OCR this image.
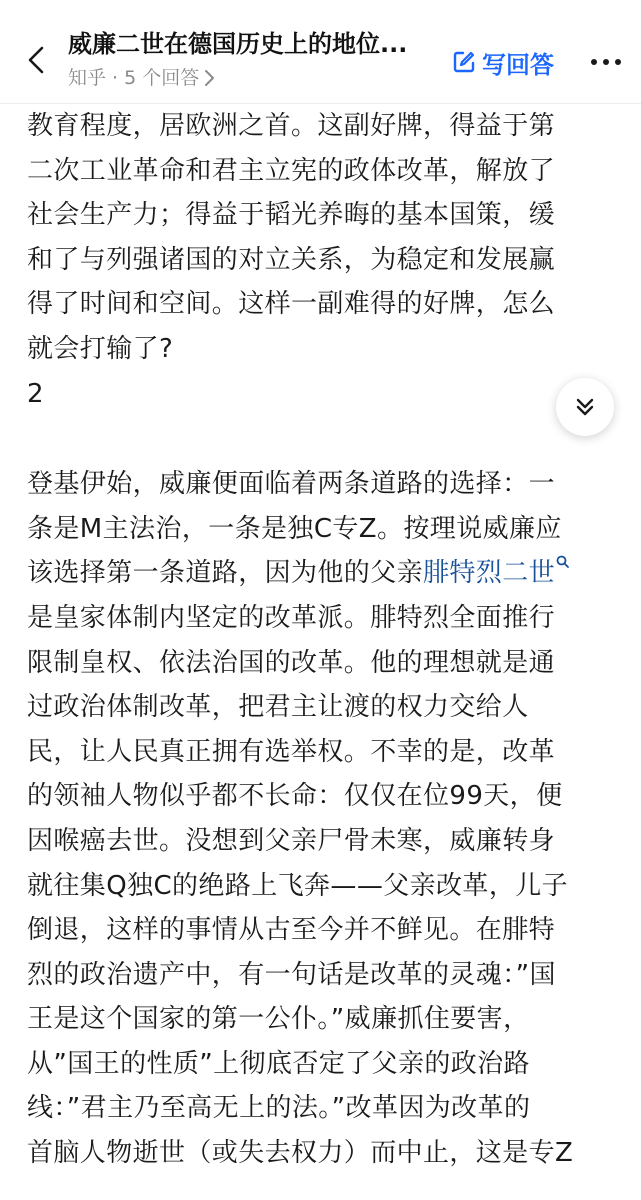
威廉二世在德国历史上的地位...
知乎 · 5 个回答	写回答

教育程度，居欧洲之首。这副好牌，得益于第

二次工业革命和君主立宪的政体改革，解放了

社会生产力；得益于韬光养晦的基本国策，缓

和了与列强诸国的对立关系，为稳定和发展赢

得了时间和空间。这样一副难得的好牌，怎么

就会打输了?

2

登基伊始，威廉便面临着两条道路的选择：一

条是M主法治，一条是独C专Z。按理说威廉应

该选择第一条道路，因为他的父亲腓特烈二世

是皇家体制内坚定的改革派。腓特烈全面推行

限制皇权、依法治国的改革。他的理想就是通

过政治体制改革，把君主让渡的权力交给人

民，让人民真正拥有选举权。不幸的是，改革

的领袖人物似乎都不长命：仅仅在位99天，便

因喉癌去世。没想到父亲尸骨未寒，威廉转身

就往集Q独C的绝路上飞奔——父亲改革，儿子

倒退，这样的事情从古至今并不鲜见。在腓特

烈的政治遗产中，有一句话是改革的灵魂：”国

王是这个国家的第一公仆。”威廉抓住要害，

从”国王的性质”上彻底否定了父亲的政治路

线：”君主乃至高无上的法。”改革因为改革的

首脑人物逝世（或失去权力）而中止，这是专Z
